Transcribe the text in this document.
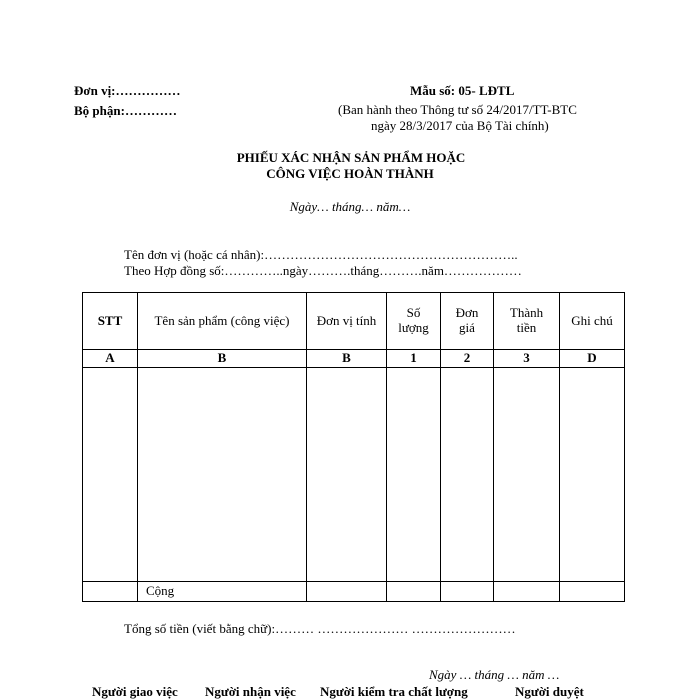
Đơn vị:……………
Bộ phận:…………
Mẫu số: 05- LĐTL
(Ban hành theo Thông tư số 24/2017/TT-BTC
ngày 28/3/2017 của Bộ Tài chính)
PHIẾU XÁC NHẬN SẢN PHẨM HOẶC
CÔNG VIỆC HOÀN THÀNH
Ngày… tháng… năm…
Tên đơn vị (hoặc cá nhân):…………………………………………………..
Theo Hợp đồng số:…………..ngày……….tháng……….năm………………
STT	Tên sản phẩm (công việc)	Đơn vị tính	Số lượng	Đơn giá	Thành tiền	Ghi chú
A	B	B	1	2	3	D

	Cộng					
Tổng số tiền (viết bằng chữ):……… ………………… ……………………
Ngày … tháng … năm …
Người giao việc Người nhận việc Người kiểm tra chất lượng	Người duyệt
